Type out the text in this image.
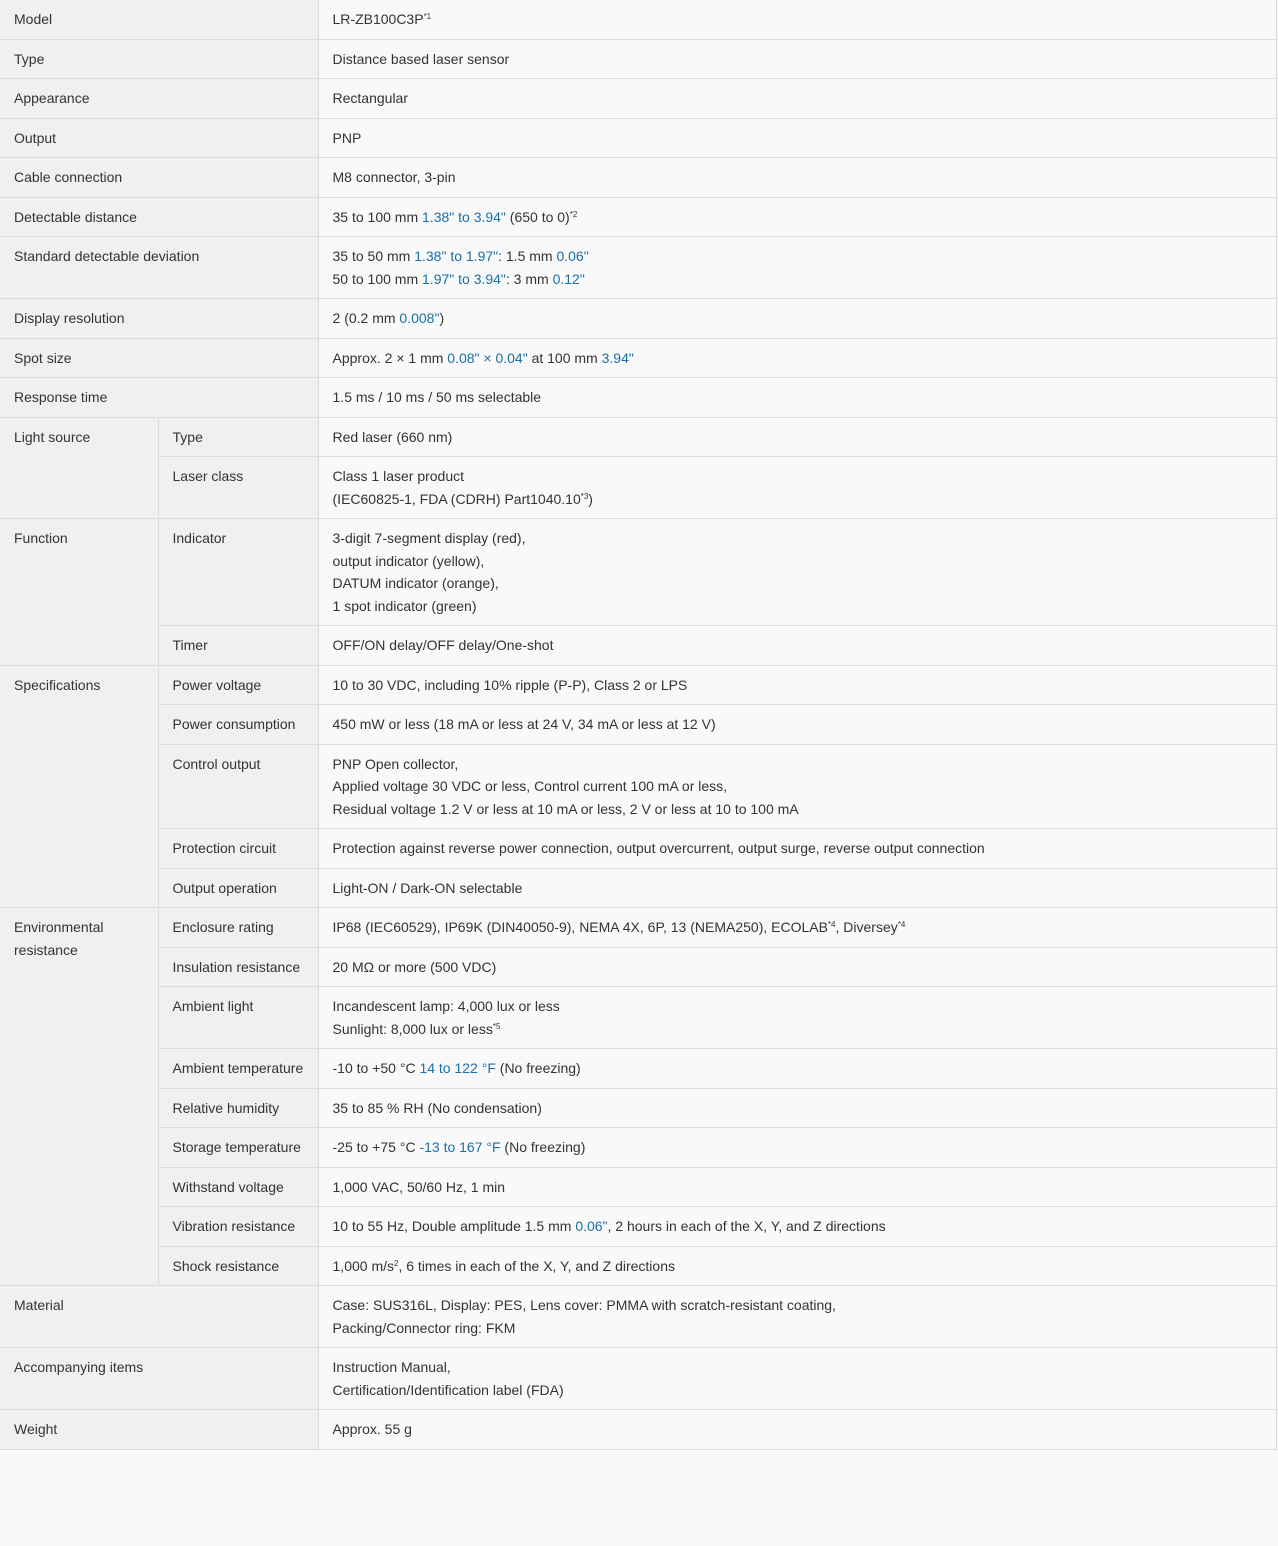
Model		$LR-ZB100C3P^{*1}$
Type		Distance based laser sensor
Appearance		Rectangular
Output		PNP
Cable connection		M8 connector, 3-pin
Detectable distance		35 to 100 mm 1.38" to 3.94" (650 to 0)$^{*2}$
Standard detectable deviation		35 to 50 mm 1.38" to 1.97": 1.5 mm 0.06"
50 to 100 mm 1.97" to 3.94": 3 mm 0.12"
Display resolution		2 (0.2 mm 0.008")
Spot size		Approx. 2 × 1 mm 0.08" × 0.04" at 100 mm 3.94"
Response time		1.5 ms / 10 ms / 50 ms selectable
Light source	Type	Red laser (660 nm)
	Laser class	Class 1 laser product
(IEC60825-1, FDA (CDRH) Part1040.10$^{*3}$)
Function	Indicator	3-digit 7-segment display (red),
output indicator (yellow),
DATUM indicator (orange),
1 spot indicator (green)
	Timer	OFF/ON delay/OFF delay/One-shot
Specifications	Power voltage	10 to 30 VDC, including 10% ripple (P-P), Class 2 or LPS
	Power consumption	450 mW or less (18 mA or less at 24 V, 34 mA or less at 12 V)
	Control output	PNP Open collector,
Applied voltage 30 VDC or less, Control current 100 mA or less,
Residual voltage 1.2 V or less at 10 mA or less, 2 V or less at 10 to 100 mA
	Protection circuit	Protection against reverse power connection, output overcurrent, output surge, reverse output connection
	Output operation	Light-ON / Dark-ON selectable
Environmental resistance	Enclosure rating	IP68 (IEC60529), IP69K (DIN40050-9), NEMA 4X, 6P, 13 (NEMA250), ECOLAB$^{*4}$, Diversey$^{*4}$
	Insulation resistance	20 MΩ or more (500 VDC)
	Ambient light	Incandescent lamp: 4,000 lux or less
Sunlight: 8,000 lux or less$^{*5}$
	Ambient temperature	-10 to +50 °C 14 to 122 °F (No freezing)
	Relative humidity	35 to 85 % RH (No condensation)
	Storage temperature	-25 to +75 °C -13 to 167 °F (No freezing)
	Withstand voltage	1,000 VAC, 50/60 Hz, 1 min
	Vibration resistance	10 to 55 Hz, Double amplitude 1.5 mm 0.06", 2 hours in each of the X, Y, and Z directions
	Shock resistance	1,000 $m/s^2$, 6 times in each of the X, Y, and Z directions
Material		Case: SUS316L, Display: PES, Lens cover: PMMA with scratch-resistant coating,
Packing/Connector ring: FKM
Accompanying items		Instruction Manual,
Certification/Identification label (FDA)
Weight		Approx. 55 g
